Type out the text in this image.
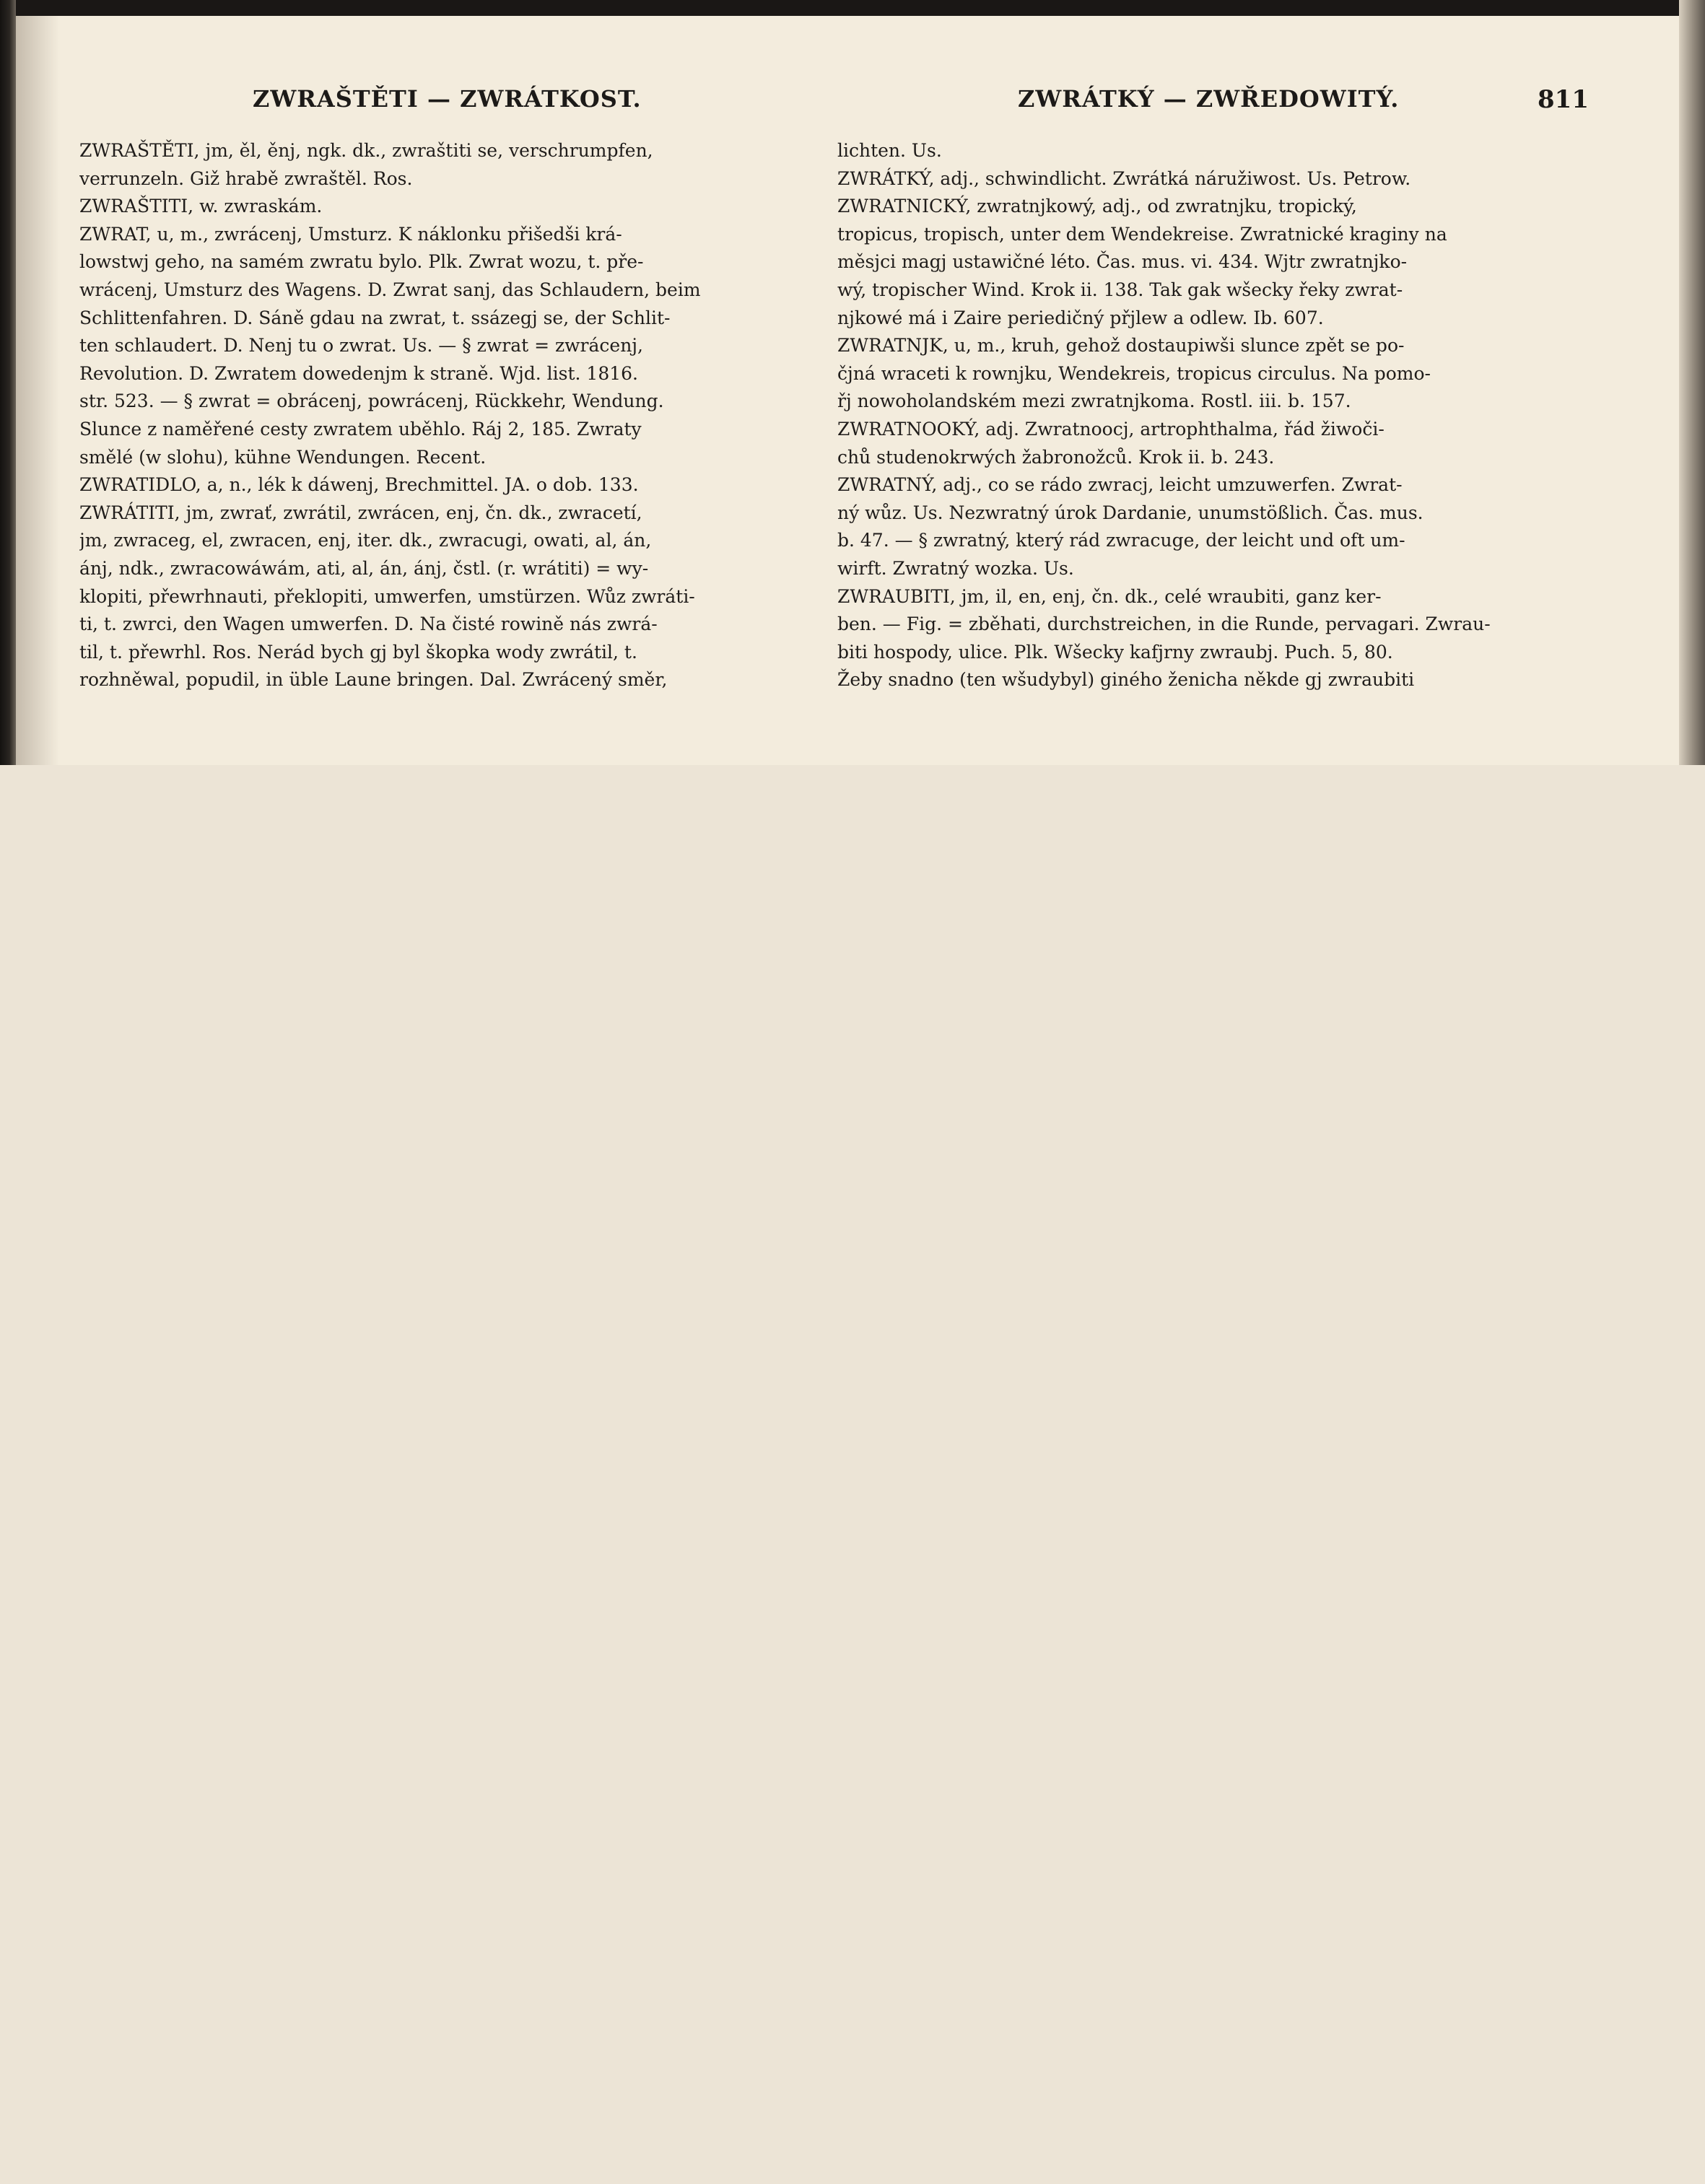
ZWRAŠTĚTI — ZWRÁTKOST.	ZWRÁTKÝ — ZWŘEDOWITÝ.	811
ZWRAŠTĚTI, jm, ěl, ěnj, ngk. dk., zwraštiti se, verschrumpfen,
verrunzeln. Giž hrabě zwraštěl. Ros.
ZWRAŠTITI, w. zwraskám.
ZWRAT, u, m., zwrácenj, Umsturz. K náklonku přišedši krá-
lowstwj geho, na samém zwratu bylo. Plk. Zwrat wozu, t. pře-
wrácenj, Umsturz des Wagens. D. Zwrat sanj, das Schlaudern, beim
Schlittenfahren. D. Sáně gdau na zwrat, t. ssázegj se, der Schlit-
ten schlaudert. D. Nenj tu o zwrat. Us. — § zwrat = zwrácenj,
Revolution. D. Zwratem dowedenjm k straně. Wjd. list. 1816.
str. 523. — § zwrat = obrácenj, powrácenj, Rückkehr, Wendung.
Slunce z naměřené cesty zwratem uběhlo. Ráj 2, 185. Zwraty
smělé (w slohu), kühne Wendungen. Recent.
ZWRATIDLO, a, n., lék k dáwenj, Brechmittel. JA. o dob. 133.
ZWRÁTITI, jm, zwrať, zwrátil, zwrácen, enj, čn. dk., zwracetí,
jm, zwraceg, el, zwracen, enj, iter. dk., zwracugi, owati, al, án,
ánj, ndk., zwracowáwám, ati, al, án, ánj, čstl. (r. wrátiti) = wy-
klopiti, přewrhnauti, překlopiti, umwerfen, umstürzen. Wůz zwráti-
ti, t. zwrci, den Wagen umwerfen. D. Na čisté rowině nás zwrá-
til, t. přewrhl. Ros. Nerád bych gj byl škopka wody zwrátil, t.
rozhněwal, popudil, in üble Laune bringen. Dal. Zwrácený směr,
lichten. Us.
ZWRÁTKÝ, adj., schwindlicht. Zwrátká náružiwost. Us. Petrow.
ZWRATNICKÝ, zwratnjkowý, adj., od zwratnjku, tropický,
tropicus, tropisch, unter dem Wendekreise. Zwratnické kraginy na
měsjci magj ustawičné léto. Čas. mus. vi. 434. Wjtr zwratnjko-
wý, tropischer Wind. Krok ii. 138. Tak gak wšecky řeky zwrat-
njkowé má i Zaire periedičný přjlew a odlew. Ib. 607.
ZWRATNJK, u, m., kruh, gehož dostaupiwši slunce zpět se po-
čjná wraceti k rownjku, Wendekreis, tropicus circulus. Na pomo-
řj nowoholandském mezi zwratnjkoma. Rostl. iii. b. 157.
ZWRATNOOKÝ, adj. Zwratnoocj, artrophthalma, řád žiwoči-
chů studenokrwých žabronožců. Krok ii. b. 243.
ZWRATNÝ, adj., co se rádo zwracj, leicht umzuwerfen. Zwrat-
ný wůz. Us. Nezwratný úrok Dardanie, unumstößlich. Čas. mus.
b. 47. — § zwratný, který rád zwracuge, der leicht und oft um-
wirft. Zwratný wozka. Us.
ZWRAUBITI, jm, il, en, enj, čn. dk., celé wraubiti, ganz ker-
ben. — Fig. = zběhati, durchstreichen, in die Runde, pervagari. Zwrau-
biti hospody, ulice. Plk. Wšecky kafjrny zwraubj. Puch. 5, 80.
Žeby snadno (ten wšudybyl) giného ženicha někde gj zwraubiti
